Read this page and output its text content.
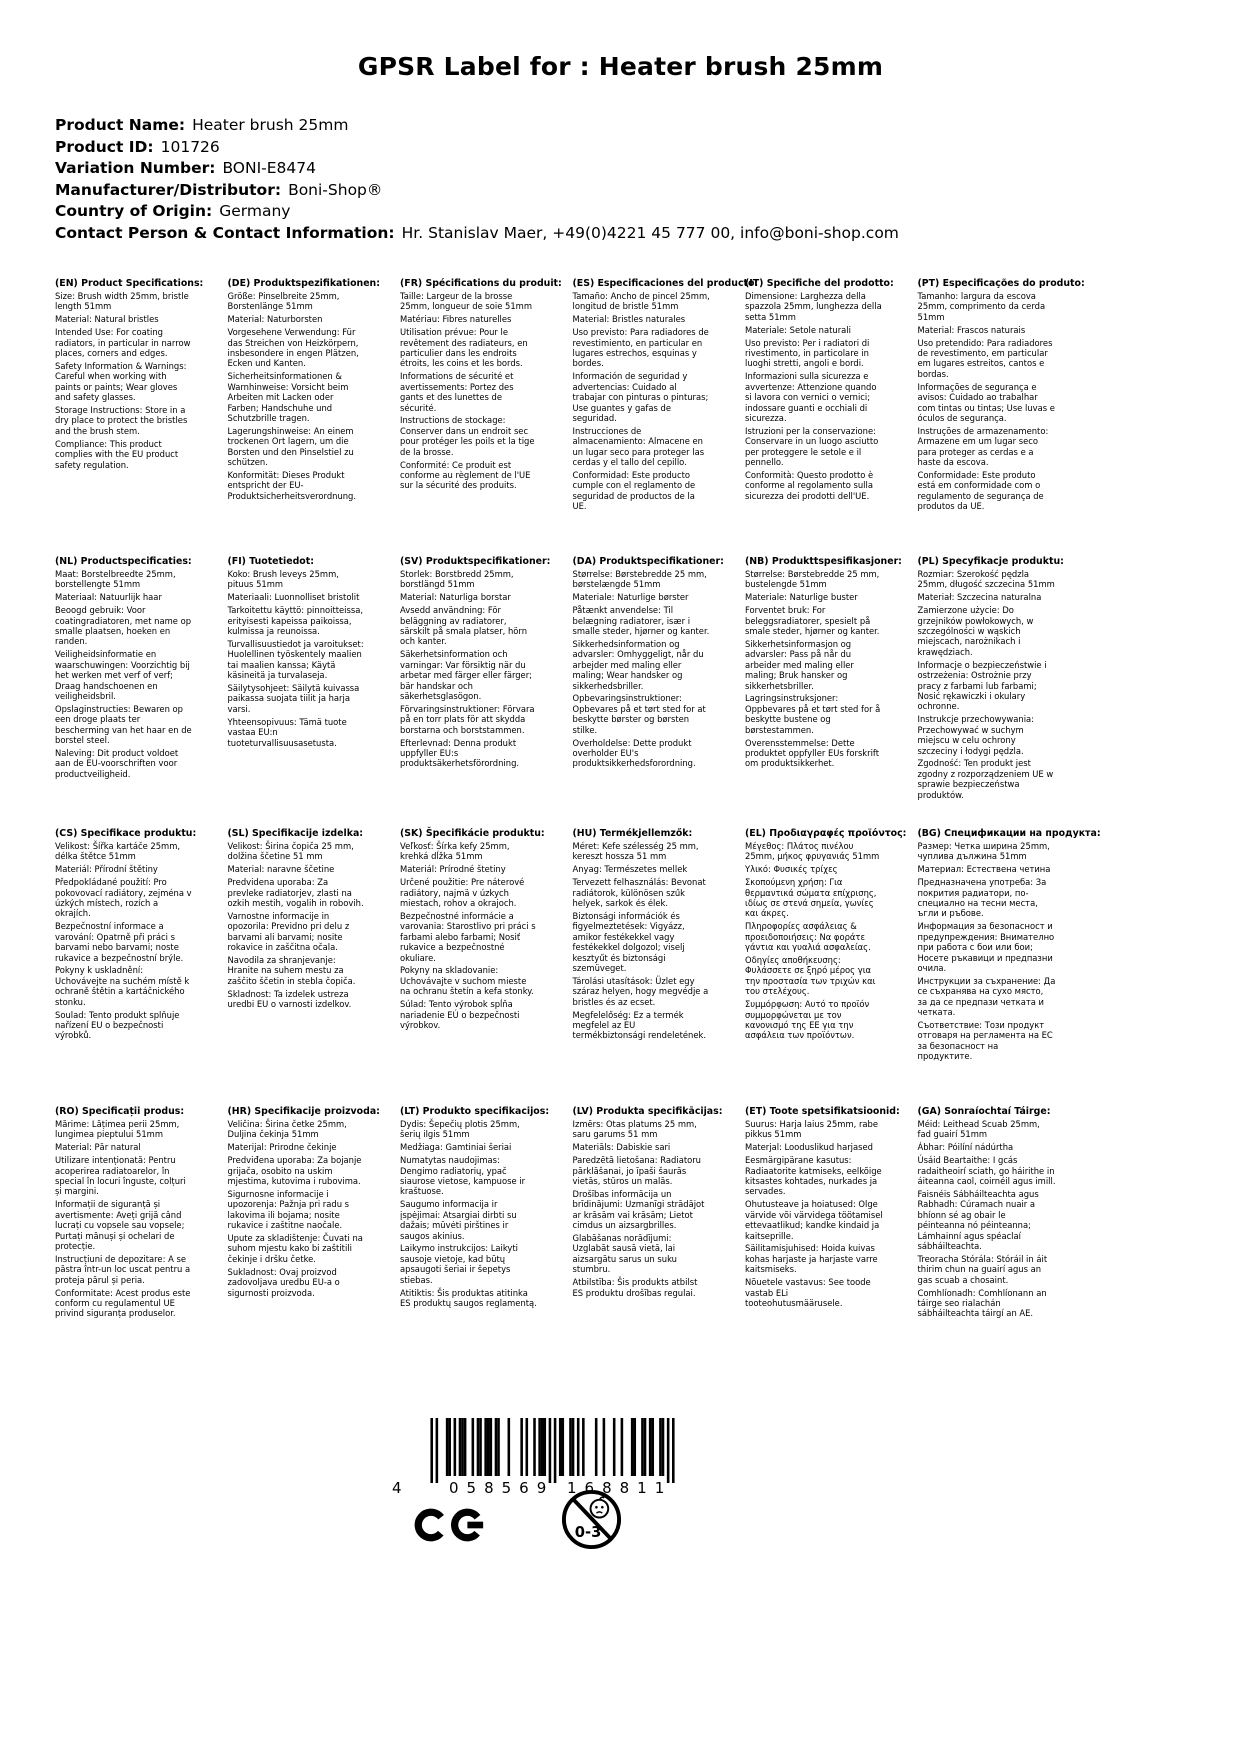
GPSR Label for : Heater brush 25mm
Product Name: Heater brush 25mm
Product ID: 101726
Variation Number: BONI-E8474
Manufacturer/Distributor: Boni-Shop®
Country of Origin: Germany
Contact Person & Contact Information: Hr. Stanislav Maer, +49(0)4221 45 777 00, info@boni-shop.com
(EN) Product Specifications:
Size: Brush width 25mm, bristle length 51mm
Material: Natural bristles
Intended Use: For coating radiators, in particular in narrow places, corners and edges.
Safety Information & Warnings: Careful when working with paints or paints; Wear gloves and safety glasses.
Storage Instructions: Store in a dry place to protect the bristles and the brush stem.
Compliance: This product complies with the EU product safety regulation.
(DE) Produktspezifikationen:
Größe: Pinselbreite 25mm, Borstenlänge 51mm
Material: Naturborsten
Vorgesehene Verwendung: Für das Streichen von Heizkörpern, insbesondere in engen Plätzen, Ecken und Kanten.
Sicherheitsinformationen & Warnhinweise: Vorsicht beim Arbeiten mit Lacken oder Farben; Handschuhe und Schutzbrille tragen.
Lagerungshinweise: An einem trockenen Ort lagern, um die Borsten und den Pinselstiel zu schützen.
Konformität: Dieses Produkt entspricht der EU-Produktsicherheitsverordnung.
(FR) Spécifications du produit:
Taille: Largeur de la brosse 25mm, longueur de soie 51mm
Matériau: Fibres naturelles
Utilisation prévue: Pour le revêtement des radiateurs, en particulier dans les endroits étroits, les coins et les bords.
Informations de sécurité et avertissements: Portez des gants et des lunettes de sécurité.
Instructions de stockage: Conserver dans un endroit sec pour protéger les poils et la tige de la brosse.
Conformité: Ce produit est conforme au règlement de l'UE sur la sécurité des produits.
(ES) Especificaciones del producto:
Tamaño: Ancho de pincel 25mm, longitud de bristle 51mm
Material: Bristles naturales
Uso previsto: Para radiadores de revestimiento, en particular en lugares estrechos, esquinas y bordes.
Información de seguridad y advertencias: Cuidado al trabajar con pinturas o pinturas; Use guantes y gafas de seguridad.
Instrucciones de almacenamiento: Almacene en un lugar seco para proteger las cerdas y el tallo del cepillo.
Conformidad: Este producto cumple con el reglamento de seguridad de productos de la UE.
(IT) Specifiche del prodotto:
Dimensione: Larghezza della spazzola 25mm, lunghezza della setta 51mm
Materiale: Setole naturali
Uso previsto: Per i radiatori di rivestimento, in particolare in luoghi stretti, angoli e bordi.
Informazioni sulla sicurezza e avvertenze: Attenzione quando si lavora con vernici o vernici; indossare guanti e occhiali di sicurezza.
Istruzioni per la conservazione: Conservare in un luogo asciutto per proteggere le setole e il pennello.
Conformità: Questo prodotto è conforme al regolamento sulla sicurezza dei prodotti dell'UE.
(PT) Especificações do produto:
Tamanho: largura da escova 25mm, comprimento da cerda 51mm
Material: Frascos naturais
Uso pretendido: Para radiadores de revestimento, em particular em lugares estreitos, cantos e bordas.
Informações de segurança e avisos: Cuidado ao trabalhar com tintas ou tintas; Use luvas e óculos de segurança.
Instruções de armazenamento: Armazene em um lugar seco para proteger as cerdas e a haste da escova.
Conformidade: Este produto está em conformidade com o regulamento de segurança de produtos da UE.
(NL) Productspecificaties:
Maat: Borstelbreedte 25mm, borstellengte 51mm
Materiaal: Natuurlijk haar
Beoogd gebruik: Voor coatingradiatoren, met name op smalle plaatsen, hoeken en randen.
Veiligheidsinformatie en waarschuwingen: Voorzichtig bij het werken met verf of verf; Draag handschoenen en veiligheidsbril.
Opslaginstructies: Bewaren op een droge plaats ter bescherming van het haar en de borstel steel.
Naleving: Dit product voldoet aan de EU-voorschriften voor productveiligheid.
(FI) Tuotetiedot:
Koko: Brush leveys 25mm, pituus 51mm
Materiaali: Luonnolliset bristolit
Tarkoitettu käyttö: pinnoitteissa, erityisesti kapeissa paikoissa, kulmissa ja reunoissa.
Turvallisuustiedot ja varoitukset: Huolellinen työskentely maalien tai maalien kanssa; Käytä käsineitä ja turvalaseja.
Säilytysohjeet: Säilytä kuivassa paikassa suojata tiilit ja harja varsi.
Yhteensopivuus: Tämä tuote vastaa EU:n tuoteturvallisuusasetusta.
(SV) Produktspecifikationer:
Storlek: Borstbredd 25mm, borstlängd 51mm
Material: Naturliga borstar
Avsedd användning: För beläggning av radiatorer, särskilt på smala platser, hörn och kanter.
Säkerhetsinformation och varningar: Var försiktig när du arbetar med färger eller färger; bär handskar och säkerhetsglasögon.
Förvaringsinstruktioner: Förvara på en torr plats för att skydda borstarna och borststammen.
Efterlevnad: Denna produkt uppfyller EU:s produktsäkerhetsförordning.
(DA) Produktspecifikationer:
Størrelse: Børstebredde 25 mm, børstelængde 51mm
Materiale: Naturlige børster
Påtænkt anvendelse: Til belægning radiatorer, især i smalle steder, hjørner og kanter.
Sikkerhedsinformation og advarsler: Omhyggeligt, når du arbejder med maling eller maling; Wear handsker og sikkerhedsbriller.
Opbevaringsinstruktioner: Opbevares på et tørt sted for at beskytte børster og børsten stilke.
Overholdelse: Dette produkt overholder EU's produktsikkerhedsforordning.
(NB) Produkttspesifikasjoner:
Størrelse: Børstebredde 25 mm, bustelengde 51mm
Materiale: Naturlige buster
Forventet bruk: For beleggsradiatorer, spesielt på smale steder, hjørner og kanter.
Sikkerhetsinformasjon og advarsler: Pass på når du arbeider med maling eller maling; Bruk hansker og sikkerhetsbriller.
Lagringsinstruksjoner: Oppbevares på et tørt sted for å beskytte bustene og børstestammen.
Overensstemmelse: Dette produktet oppfyller EUs forskrift om produktsikkerhet.
(PL) Specyfikacje produktu:
Rozmiar: Szerokość pędzla 25mm, długość szczecina 51mm
Materiał: Szczecina naturalna
Zamierzone użycie: Do grzejników powłokowych, w szczególności w wąskich miejscach, narożnikach i krawędziach.
Informacje o bezpieczeństwie i ostrzeżenia: Ostrożnie przy pracy z farbami lub farbami; Nosić rękawiczki i okulary ochronne.
Instrukcje przechowywania: Przechowywać w suchym miejscu w celu ochrony szczeciny i łodygi pędzla.
Zgodność: Ten produkt jest zgodny z rozporządzeniem UE w sprawie bezpieczeństwa produktów.
(CS) Specifikace produktu:
Velikost: Šířka kartáče 25mm, délka štětce 51mm
Materiál: Přírodní štětiny
Předpokládané použití: Pro pokovovací radiátory, zejména v úzkých místech, rozích a okrajích.
Bezpečnostní informace a varování: Opatrně při práci s barvami nebo barvami; noste rukavice a bezpečnostní brýle.
Pokyny k uskladnění: Uchovávejte na suchém místě k ochraně štětin a kartáčnického stonku.
Soulad: Tento produkt splňuje nařízení EU o bezpečnosti výrobků.
(SL) Specifikacije izdelka:
Velikost: Širina čopiča 25 mm, dolžina ščetine 51 mm
Material: naravne ščetine
Predvidena uporaba: Za prevleke radiatorjev, zlasti na ozkih mestih, vogalih in robovih.
Varnostne informacije in opozorila: Previdno pri delu z barvami ali barvami; nosite rokavice in zaščitna očala.
Navodila za shranjevanje: Hranite na suhem mestu za zaščito ščetin in stebla čopiča.
Skladnost: Ta izdelek ustreza uredbi EU o varnosti izdelkov.
(SK) Špecifikácie produktu:
Veľkosť: Šírka kefy 25mm, krehká dĺžka 51mm
Materiál: Prírodné štetiny
Určené použitie: Pre náterové radiátory, najmä v úzkych miestach, rohov a okrajoch.
Bezpečnostné informácie a varovania: Starostlivo pri práci s farbami alebo farbami; Nosiť rukavice a bezpečnostné okuliare.
Pokyny na skladovanie: Uchovávajte v suchom mieste na ochranu štetín a kefa stonky.
Súlad: Tento výrobok spĺňa nariadenie EÚ o bezpečnosti výrobkov.
(HU) Termékjellemzők:
Méret: Kefe szélesség 25 mm, kereszt hossza 51 mm
Anyag: Természetes mellek
Tervezett felhasználás: Bevonat radiátorok, különösen szűk helyek, sarkok és élek.
Biztonsági információk és figyelmeztetések: Vigyázz, amikor festékekkel vagy festékekkel dolgozol; viselj kesztyűt és biztonsági szemüveget.
Tárolási utasítások: Üzlet egy száraz helyen, hogy megvédje a bristles és az ecset.
Megfelelőség: Ez a termék megfelel az EU termékbiztonsági rendeletének.
(EL) Προδιαγραφές προϊόντος:
Μέγεθος: Πλάτος πινέλου 25mm, μήκος φρυγανιάς 51mm
Υλικό: Φυσικές τρίχες
Σκοπούμενη χρήση: Για θερμαντικά σώματα επίχρισης, ιδίως σε στενά σημεία, γωνίες και άκρες.
Πληροφορίες ασφάλειας & προειδοποιήσεις: Να φοράτε γάντια και γυαλιά ασφαλείας.
Οδηγίες αποθήκευσης: Φυλάσσετε σε ξηρό μέρος για την προστασία των τριχών και του στελέχους.
Συμμόρφωση: Αυτό το προϊόν συμμορφώνεται με τον κανονισμό της ΕΕ για την ασφάλεια των προϊόντων.
(BG) Спецификации на продукта:
Размер: Четка ширина 25mm, чуплива дължина 51mm
Материал: Естествена четина
Предназначена употреба: За покрития радиатори, по-специално на тесни места, ъгли и ръбове.
Информация за безопасност и предупреждения: Внимателно при работа с бои или бои; Носете ръкавици и предпазни очила.
Инструкции за съхранение: Да се съхранява на сухо място, за да се предпази четката и четката.
Съответствие: Този продукт отговаря на регламента на ЕС за безопасност на продуктите.
(RO) Specificații produs:
Mărime: Lățimea perii 25mm, lungimea pieptului 51mm
Material: Păr natural
Utilizare intenționată: Pentru acoperirea radiatoarelor, în special în locuri înguste, colțuri și margini.
Informații de siguranță și avertismente: Aveți grijă când lucrați cu vopsele sau vopsele; Purtați mănuși și ochelari de protecție.
Instrucțiuni de depozitare: A se păstra într-un loc uscat pentru a proteja părul și peria.
Conformitate: Acest produs este conform cu regulamentul UE privind siguranța produselor.
(HR) Specifikacije proizvoda:
Veličina: Širina četke 25mm, Duljina čekinja 51mm
Materijal: Prirodne čekinje
Predviđena uporaba: Za bojanje grijača, osobito na uskim mjestima, kutovima i rubovima.
Sigurnosne informacije i upozorenja: Pažnja pri radu s lakovima ili bojama; nosite rukavice i zaštitne naočale.
Upute za skladištenje: Čuvati na suhom mjestu kako bi zaštitili čekinje i dršku četke.
Sukladnost: Ovaj proizvod zadovoljava uredbu EU-a o sigurnosti proizvoda.
(LT) Produkto specifikacijos:
Dydis: Šepečių plotis 25mm, šerių ilgis 51mm
Medžiaga: Gamtiniai šeriai
Numatytas naudojimas: Dengimo radiatorių, ypač siaurose vietose, kampuose ir kraštuose.
Saugumo informacija ir įspėjimai: Atsargiai dirbti su dažais; mūvėti pirštines ir saugos akinius.
Laikymo instrukcijos: Laikyti sausoje vietoje, kad būtų apsaugoti šeriai ir šepetys stiebas.
Atitiktis: Šis produktas atitinka ES produktų saugos reglamentą.
(LV) Produkta specifikācijas:
Izmērs: Otas platums 25 mm, saru garums 51 mm
Materiāls: Dabiskie sari
Paredzētā lietošana: Radiatoru pārklāšanai, jo īpaši šaurās vietās, stūros un malās.
Drošības informācija un brīdinājumi: Uzmanīgi strādājot ar krāsām vai krāsām; Lietot cimdus un aizsargbrilles.
Glabāšanas norādījumi: Uzglabāt sausā vietā, lai aizsargātu sarus un suku stumbru.
Atbilstība: Šis produkts atbilst ES produktu drošības regulai.
(ET) Toote spetsifikatsioonid:
Suurus: Harja laius 25mm, rabe pikkus 51mm
Materjal: Looduslikud harjased
Eesmärgipärane kasutus: Radiaatorite katmiseks, eelkõige kitsastes kohtades, nurkades ja servades.
Ohutusteave ja hoiatused: Olge värvide või värvidega töötamisel ettevaatlikud; kandke kindaid ja kaitseprille.
Säilitamisjuhised: Hoida kuivas kohas harjaste ja harjaste varre kaitsmiseks.
Nõuetele vastavus: See toode vastab ELi tooteohutusmäärusele.
(GA) Sonraíochtaí Táirge:
Méid: Leithead Scuab 25mm, fad guairí 51mm
Ábhar: Póilíní nádúrtha
Úsáid Beartaithe: I gcás radaitheoirí sciath, go háirithe in áiteanna caol, coirnéil agus imill.
Faisnéis Sábháilteachta agus Rabhadh: Cúramach nuair a bhíonn sé ag obair le péinteanna nó péinteanna; Lámhainní agus spéaclaí sábháilteachta.
Treoracha Stórála: Stóráil in áit thirim chun na guairí agus an gas scuab a chosaint.
Comhlíonadh: Comhlíonann an táirge seo rialachán sábháilteachta táirgí an AE.
4	058569 168811
0-3
